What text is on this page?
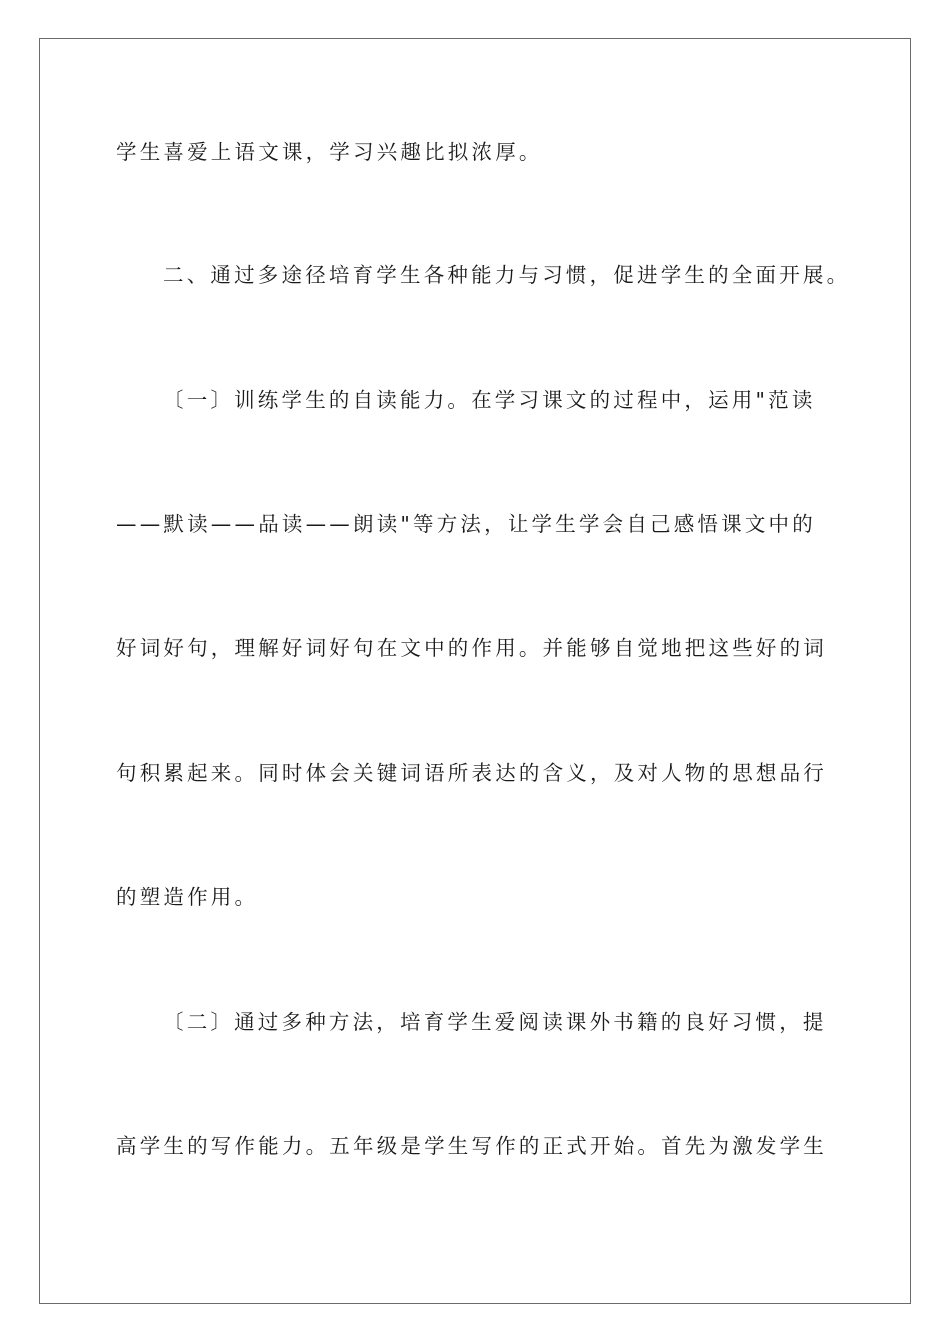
学生喜爱上语文课，学习兴趣比拟浓厚。
二、通过多途径培育学生各种能力与习惯，促进学生的全面开展。
〔一〕训练学生的自读能力。在学习课文的过程中，运用"范读
——默读——品读——朗读"等方法，让学生学会自己感悟课文中的
好词好句，理解好词好句在文中的作用。并能够自觉地把这些好的词
句积累起来。同时体会关键词语所表达的含义，及对人物的思想品行
的塑造作用。
〔二〕通过多种方法，培育学生爱阅读课外书籍的良好习惯，提
高学生的写作能力。五年级是学生写作的正式开始。首先为激发学生
